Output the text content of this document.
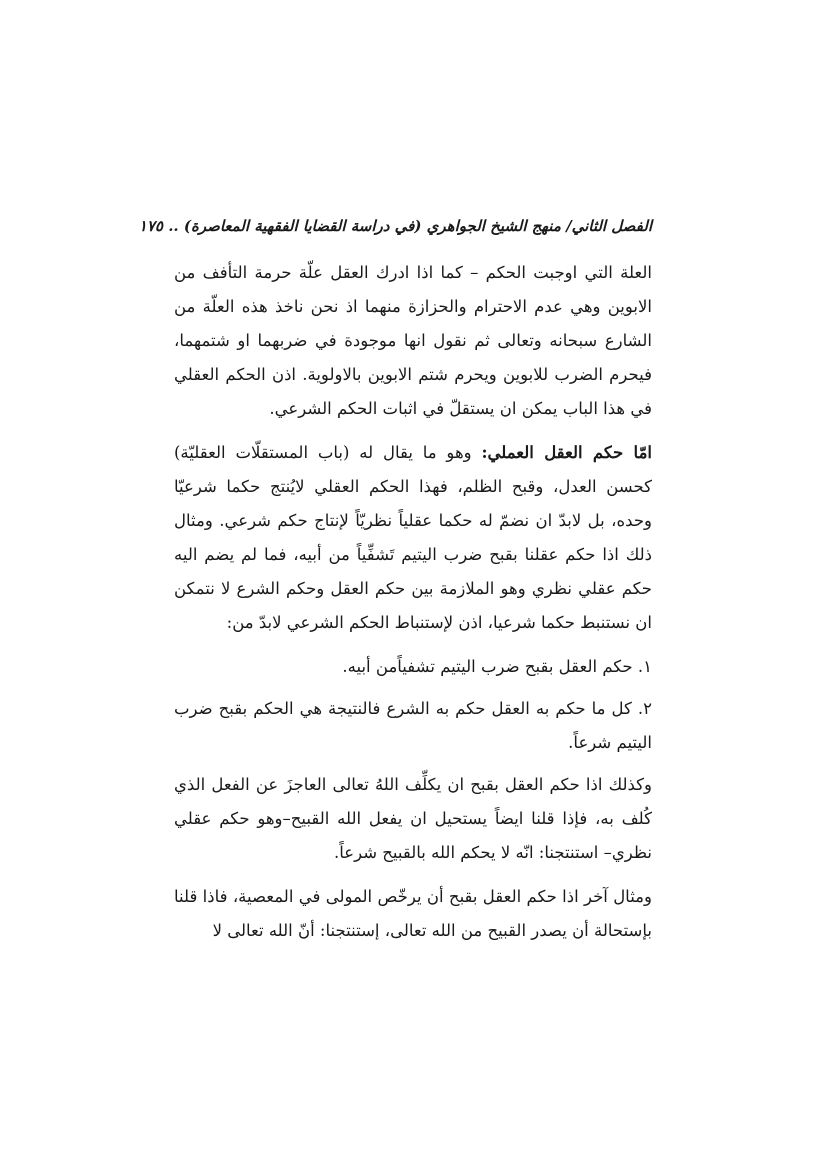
الفصل الثاني/ منهج الشيخ الجواهري (في دراسة القضايا الفقهية المعاصرة) .. ١٧٥

العلة التي اوجبت الحكم – كما اذا ادرك العقل علّة حرمة التأفف من الابوين وهي عدم الاحترام والحزازة منهما اذ نحن ناخذ هذه العلّة من الشارع سبحانه وتعالى ثم نقول انها موجودة في ضربهما او شتمهما، فيحرم الضرب للابوين ويحرم شتم الابوين بالاولوية. اذن الحكم العقلي في هذا الباب يمكن ان يستقلّ في اثبات الحكم الشرعي.

امّا حكم العقل العملي: وهو ما يقال له (باب المستقلّات العقليّة) كحسن العدل، وقبح الظلم، فهذا الحكم العقلي لايُنتج حكما شرعيّا وحده، بل لابدّ ان نضمّ له حكما عقلياً نظريّاً لإنتاج حكم شرعي. ومثال ذلك اذا حكم عقلنا بقبح ضرب اليتيم تَشفِّياً من أبيه، فما لم يضم اليه حكم عقلي نظري وهو الملازمة بين حكم العقل وحكم الشرع لا نتمكن ان نستنبط حكما شرعيا، اذن لإستنباط الحكم الشرعي لابدّ من:

١. حكم العقل بقبح ضرب اليتيم تشفياًمن أبيه.

٢. كل ما حكم به العقل حكم به الشرع فالنتيجة هي الحكم بقبح ضرب اليتيم شرعاً.

وكذلك اذا حكم العقل بقبح ان يكلِّف اللهُ تعالى العاجزَ عن الفعل الذي كُلف به، فإذا قلنا ايضاً يستحيل ان يفعل الله القبيح–وهو حكم عقلي نظري– استنتجنا: انّه لا يحكم الله بالقبيح شرعاً.

ومثال آخر اذا حكم العقل بقبح أن يرخّص المولى في المعصية، فاذا قلنا بإستحالة أن يصدر القبيح من الله تعالى، إستنتجنا: أنّ الله تعالى لا
